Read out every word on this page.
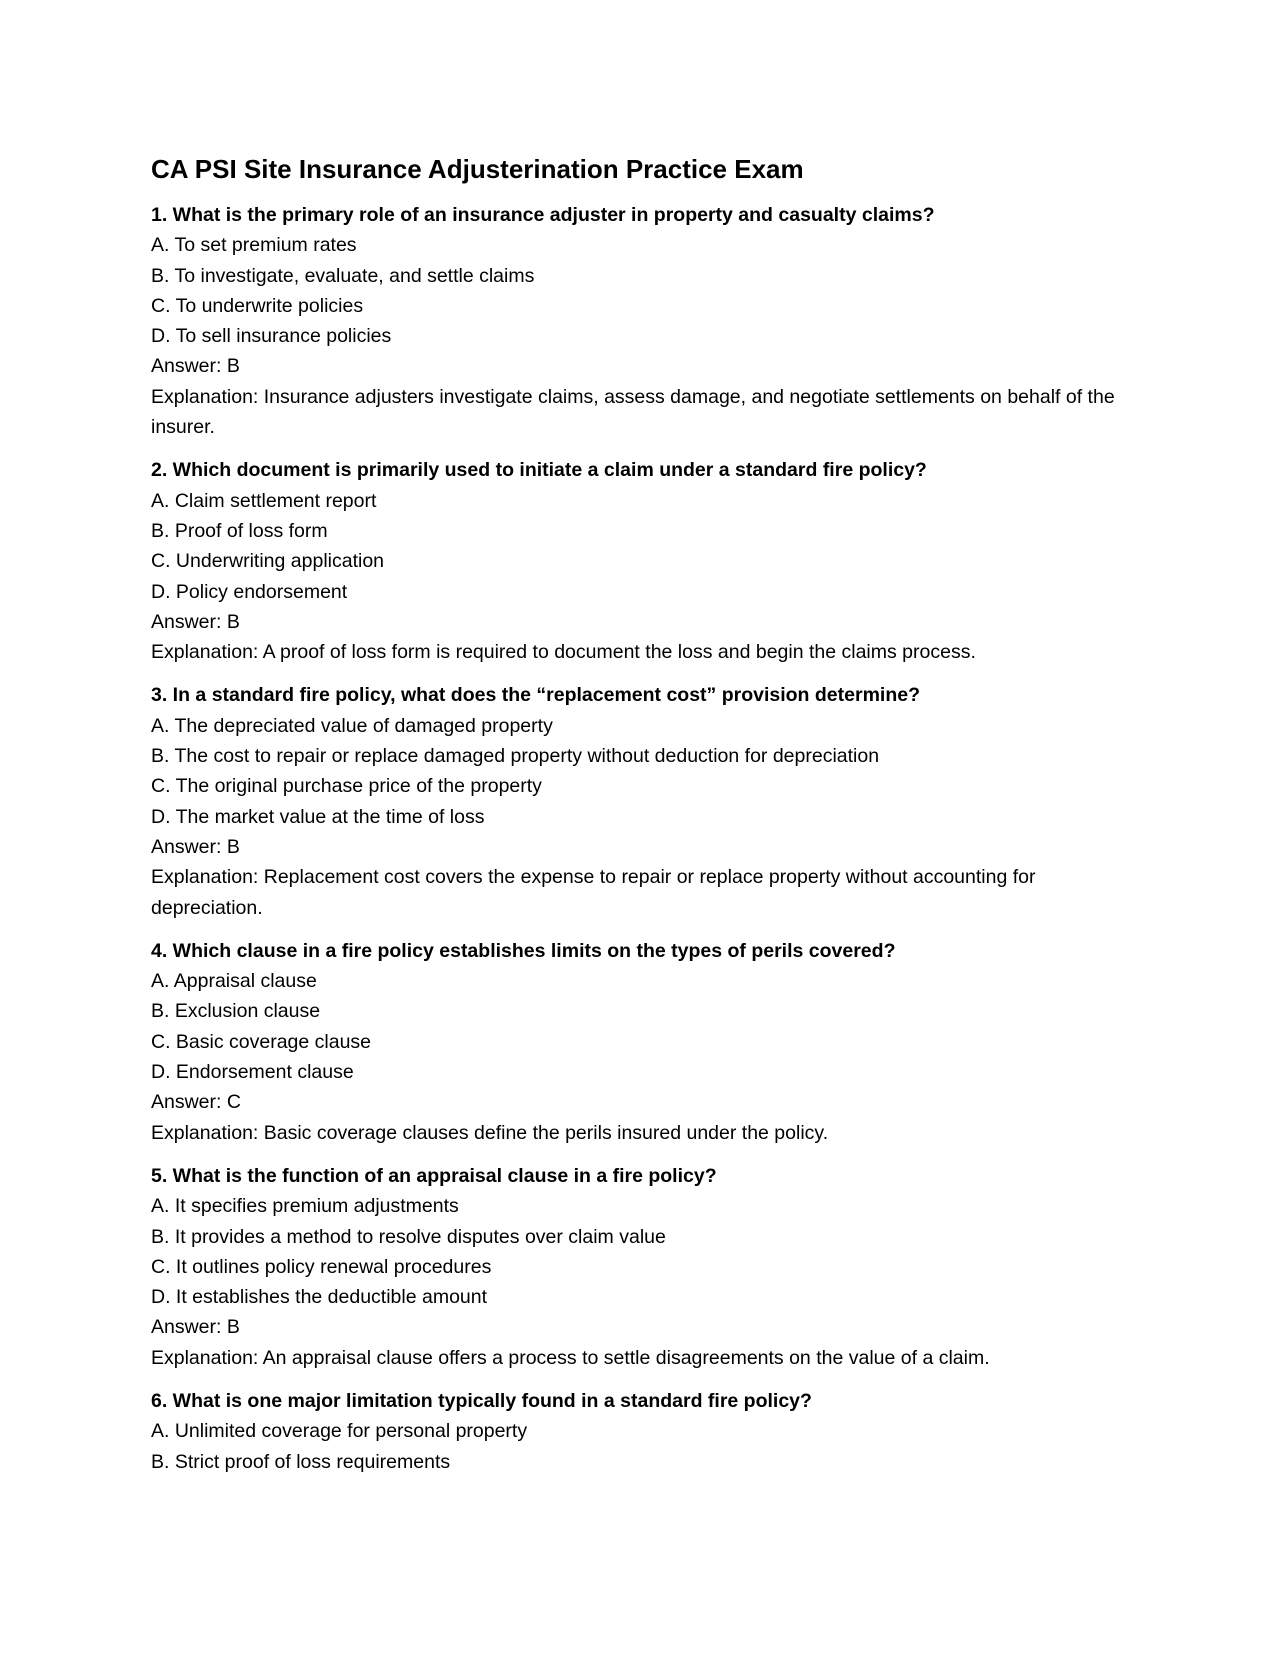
CA PSI Site Insurance Adjusterination Practice Exam
1. What is the primary role of an insurance adjuster in property and casualty claims?
A. To set premium rates
B. To investigate, evaluate, and settle claims
C. To underwrite policies
D. To sell insurance policies
Answer: B
Explanation: Insurance adjusters investigate claims, assess damage, and negotiate settlements on behalf of the insurer.
2. Which document is primarily used to initiate a claim under a standard fire policy?
A. Claim settlement report
B. Proof of loss form
C. Underwriting application
D. Policy endorsement
Answer: B
Explanation: A proof of loss form is required to document the loss and begin the claims process.
3. In a standard fire policy, what does the “replacement cost” provision determine?
A. The depreciated value of damaged property
B. The cost to repair or replace damaged property without deduction for depreciation
C. The original purchase price of the property
D. The market value at the time of loss
Answer: B
Explanation: Replacement cost covers the expense to repair or replace property without accounting for depreciation.
4. Which clause in a fire policy establishes limits on the types of perils covered?
A. Appraisal clause
B. Exclusion clause
C. Basic coverage clause
D. Endorsement clause
Answer: C
Explanation: Basic coverage clauses define the perils insured under the policy.
5. What is the function of an appraisal clause in a fire policy?
A. It specifies premium adjustments
B. It provides a method to resolve disputes over claim value
C. It outlines policy renewal procedures
D. It establishes the deductible amount
Answer: B
Explanation: An appraisal clause offers a process to settle disagreements on the value of a claim.
6. What is one major limitation typically found in a standard fire policy?
A. Unlimited coverage for personal property
B. Strict proof of loss requirements
